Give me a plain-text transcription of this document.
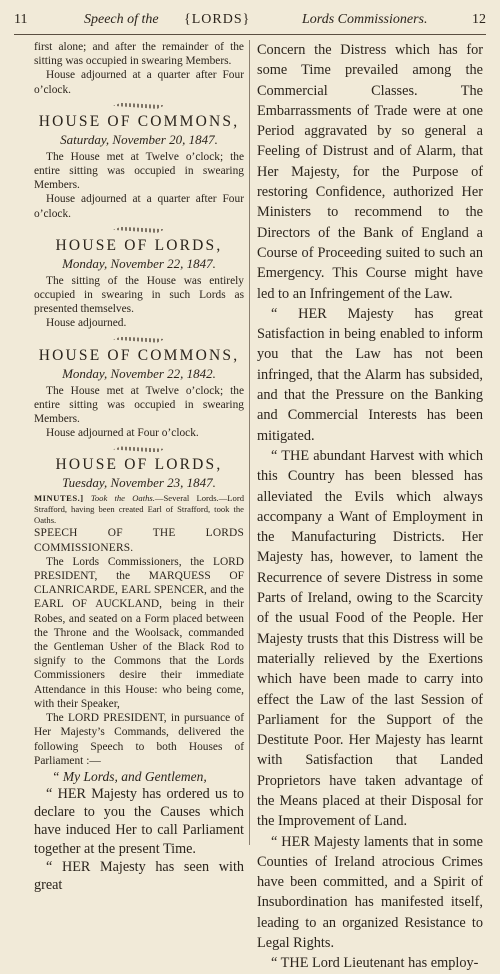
11	Speech of the {LORDS}	Lords Commissioners.	12

first alone; and after the remainder of the sitting was occupied in swearing Members.

House adjourned at a quarter after Four o’clock.

HOUSE OF COMMONS,
Saturday, November 20, 1847.

The House met at Twelve o’clock; the entire sitting was occupied in swearing Members.

House adjourned at a quarter after Four o’clock.

HOUSE OF LORDS,
Monday, November 22, 1847.

The sitting of the House was entirely occupied in swearing in such Lords as presented themselves.

House adjourned.

HOUSE OF COMMONS,
Monday, November 22, 1842.

The House met at Twelve o’clock; the entire sitting was occupied in swearing Members.

House adjourned at Four o’clock.

HOUSE OF LORDS,
Tuesday, November 23, 1847.

MINUTES.] Took the Oaths.—Several Lords.—Lord Strafford, having been created Earl of Strafford, took the Oaths.

SPEECH OF THE LORDS COMMISSIONERS.

The Lords Commissioners, the LORD PRESIDENT, the MARQUESS OF CLANRICARDE, EARL SPENCER, and the EARL OF AUCKLAND, being in their Robes, and seated on a Form placed between the Throne and the Woolsack, commanded the Gentleman Usher of the Black Rod to signify to the Commons that the Lords Commissioners desire their immediate Attendance in this House: who being come, with their Speaker,

The LORD PRESIDENT, in pursuance of Her Majesty’s Commands, delivered the following Speech to both Houses of Parliament :—

“ My Lords, and Gentlemen,

“ HER Majesty has ordered us to declare to you the Causes which have induced Her to call Parliament together at the present Time.

“ HER Majesty has seen with great

Concern the Distress which has for some Time prevailed among the Commercial Classes. The Embarrassments of Trade were at one Period aggravated by so general a Feeling of Distrust and of Alarm, that Her Majesty, for the Purpose of restoring Confidence, authorized Her Ministers to recommend to the Directors of the Bank of England a Course of Proceeding suited to such an Emergency. This Course might have led to an Infringement of the Law.

“ HER Majesty has great Satisfaction in being enabled to inform you that the Law has not been infringed, that the Alarm has subsided, and that the Pressure on the Banking and Commercial Interests has been mitigated.

“ THE abundant Harvest with which this Country has been blessed has alleviated the Evils which always accompany a Want of Employment in the Manufacturing Districts. Her Majesty has, however, to lament the Recurrence of severe Distress in some Parts of Ireland, owing to the Scarcity of the usual Food of the People. Her Majesty trusts that this Distress will be materially relieved by the Exertions which have been made to carry into effect the Law of the last Session of Parliament for the Support of the Destitute Poor. Her Majesty has learnt with Satisfaction that Landed Proprietors have taken advantage of the Means placed at their Disposal for the Improvement of Land.

“ HER Majesty laments that in some Counties of Ireland atrocious Crimes have been committed, and a Spirit of Insubordination has manifested itself, leading to an organized Resistance to Legal Rights.

“ THE Lord Lieutenant has employ-
